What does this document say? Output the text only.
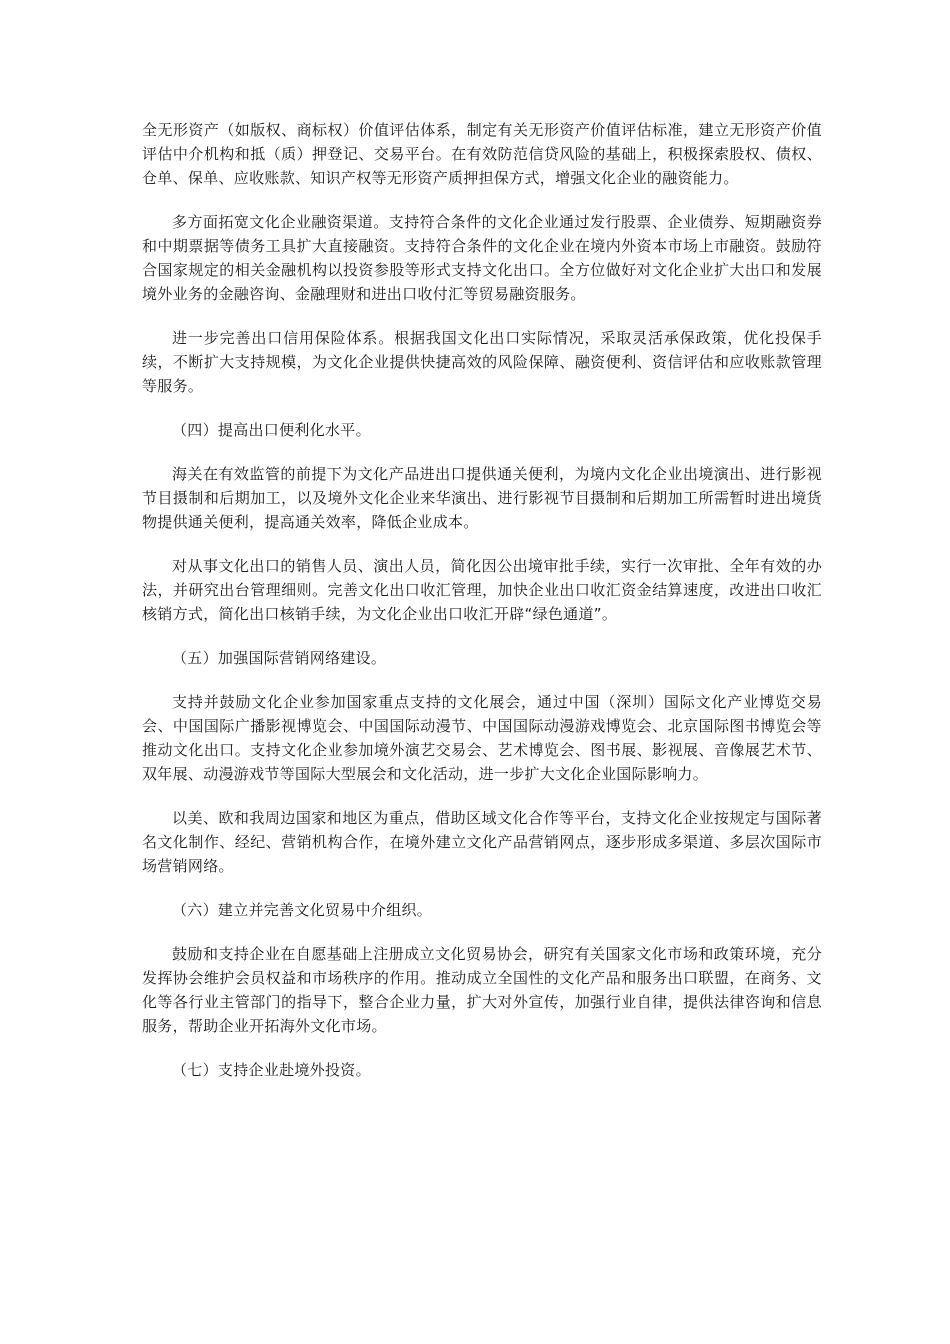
全无形资产（如版权、商标权）价值评估体系，制定有关无形资产价值评估标准，建立无形资产价值评估中介机构和抵（质）押登记、交易平台。在有效防范信贷风险的基础上，积极探索股权、债权、仓单、保单、应收账款、知识产权等无形资产质押担保方式，增强文化企业的融资能力。

多方面拓宽文化企业融资渠道。支持符合条件的文化企业通过发行股票、企业债券、短期融资券和中期票据等债务工具扩大直接融资。支持符合条件的文化企业在境内外资本市场上市融资。鼓励符合国家规定的相关金融机构以投资参股等形式支持文化出口。全方位做好对文化企业扩大出口和发展境外业务的金融咨询、金融理财和进出口收付汇等贸易融资服务。

进一步完善出口信用保险体系。根据我国文化出口实际情况，采取灵活承保政策，优化投保手续，不断扩大支持规模，为文化企业提供快捷高效的风险保障、融资便利、资信评估和应收账款管理等服务。

（四）提高出口便利化水平。

海关在有效监管的前提下为文化产品进出口提供通关便利，为境内文化企业出境演出、进行影视节目摄制和后期加工，以及境外文化企业来华演出、进行影视节目摄制和后期加工所需暂时进出境货物提供通关便利，提高通关效率，降低企业成本。

对从事文化出口的销售人员、演出人员，简化因公出境审批手续，实行一次审批、全年有效的办法，并研究出台管理细则。完善文化出口收汇管理，加快企业出口收汇资金结算速度，改进出口收汇核销方式，简化出口核销手续，为文化企业出口收汇开辟“绿色通道”。

（五）加强国际营销网络建设。

支持并鼓励文化企业参加国家重点支持的文化展会，通过中国（深圳）国际文化产业博览交易会、中国国际广播影视博览会、中国国际动漫节、中国国际动漫游戏博览会、北京国际图书博览会等推动文化出口。支持文化企业参加境外演艺交易会、艺术博览会、图书展、影视展、音像展艺术节、双年展、动漫游戏节等国际大型展会和文化活动，进一步扩大文化企业国际影响力。

以美、欧和我周边国家和地区为重点，借助区域文化合作等平台，支持文化企业按规定与国际著名文化制作、经纪、营销机构合作，在境外建立文化产品营销网点，逐步形成多渠道、多层次国际市场营销网络。

（六）建立并完善文化贸易中介组织。

鼓励和支持企业在自愿基础上注册成立文化贸易协会，研究有关国家文化市场和政策环境，充分发挥协会维护会员权益和市场秩序的作用。推动成立全国性的文化产品和服务出口联盟，在商务、文化等各行业主管部门的指导下，整合企业力量，扩大对外宣传，加强行业自律，提供法律咨询和信息服务，帮助企业开拓海外文化市场。

（七）支持企业赴境外投资。
